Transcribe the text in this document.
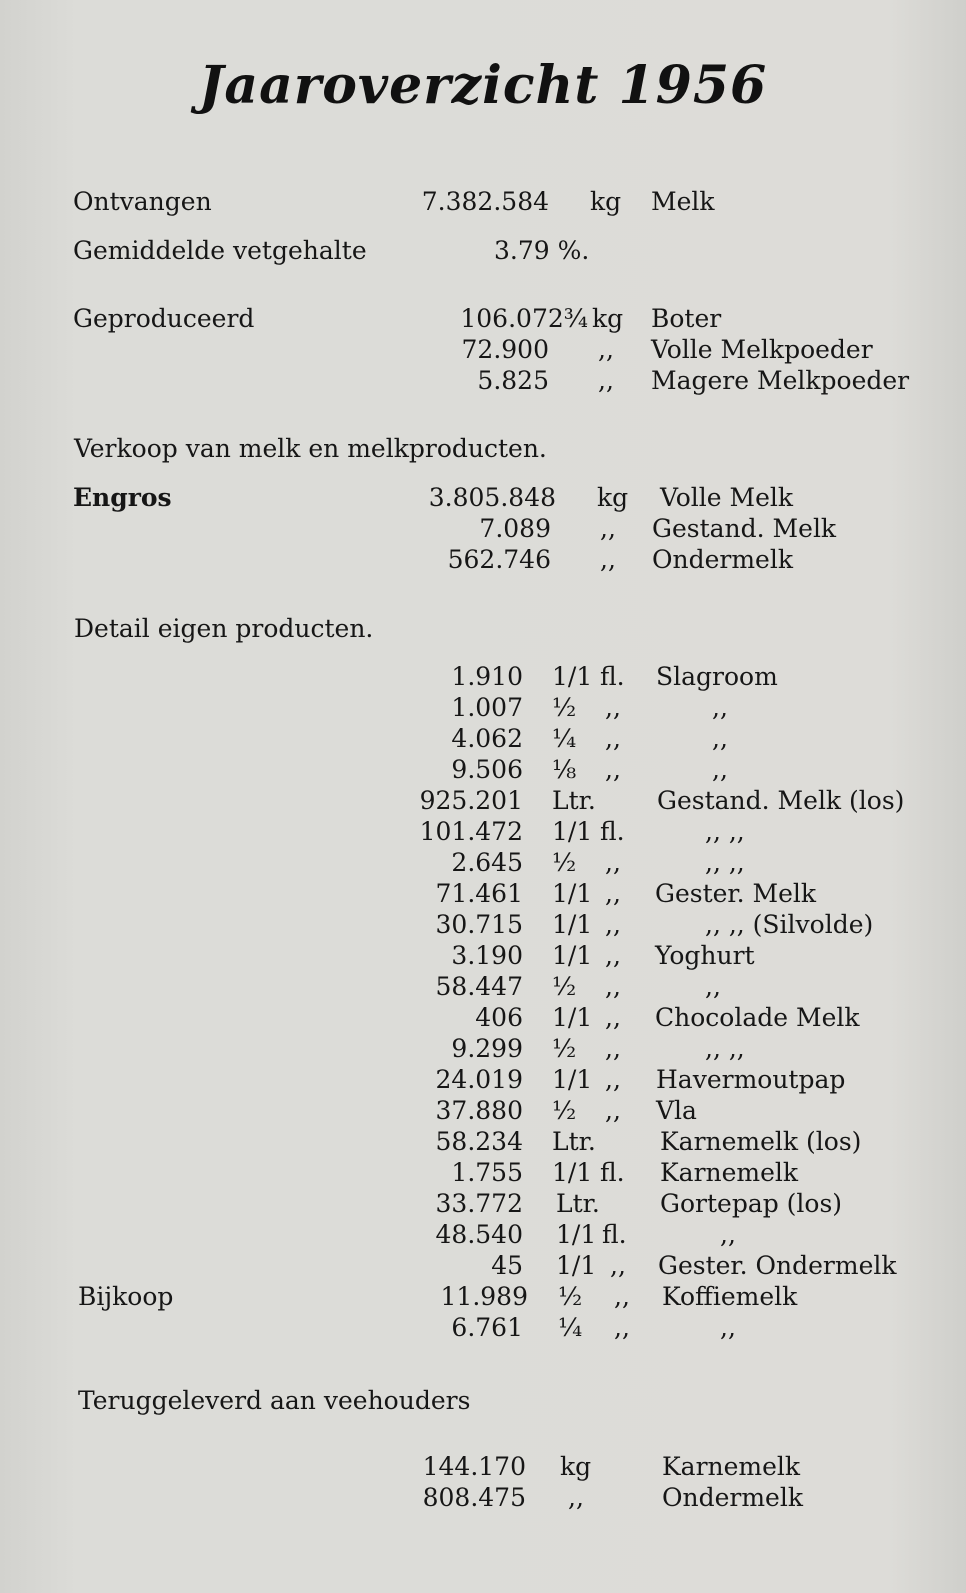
Jaaroverzicht 1956
Ontvangen	7.382.584 kg Melk
Gemiddelde vetgehalte	3.79 %.
Geproduceerd	106.072¾ kg Boter
72.900 ,, Volle Melkpoeder
5.825 ,, Magere Melkpoeder
Verkoop van melk en melkproducten.
Engros	3.805.848 kg Volle Melk
7.089 ,, Gestand. Melk
562.746 ,, Ondermelk
Detail eigen producten.
1.910 1/1 fl. Slagroom
1.007 ½ ,,	,,
4.062 ¼ ,,	,,
9.506 ⅛ ,,	,,
925.201 Ltr. Gestand. Melk (los)
101.472 1/1 fl.	,, ,,
2.645 ½ ,,	,, ,,
71.461 1/1 ,, Gester. Melk
30.715 1/1 ,,	,, ,, (Silvolde)
3.190 1/1 ,, Yoghurt
58.447 ½ ,,	,,
406 1/1 ,, Chocolade Melk
9.299 ½ ,,	,, ,,
24.019 1/1 ,, Havermoutpap
37.880 ½ ,, Vla
58.234 Ltr.	Karnemelk (los)
1.755 1/1 fl. Karnemelk
33.772 Ltr. Gortepap (los)
48.540 1/1 fl.	,,
45 1/1 ,, Gester. Ondermelk
Bijkoop	11.989 ½ ,, Koffiemelk
6.761 ¼ ,,	,,
Teruggeleverd aan veehouders
144.170 kg	Karnemelk
808.475 ,,	Ondermelk
